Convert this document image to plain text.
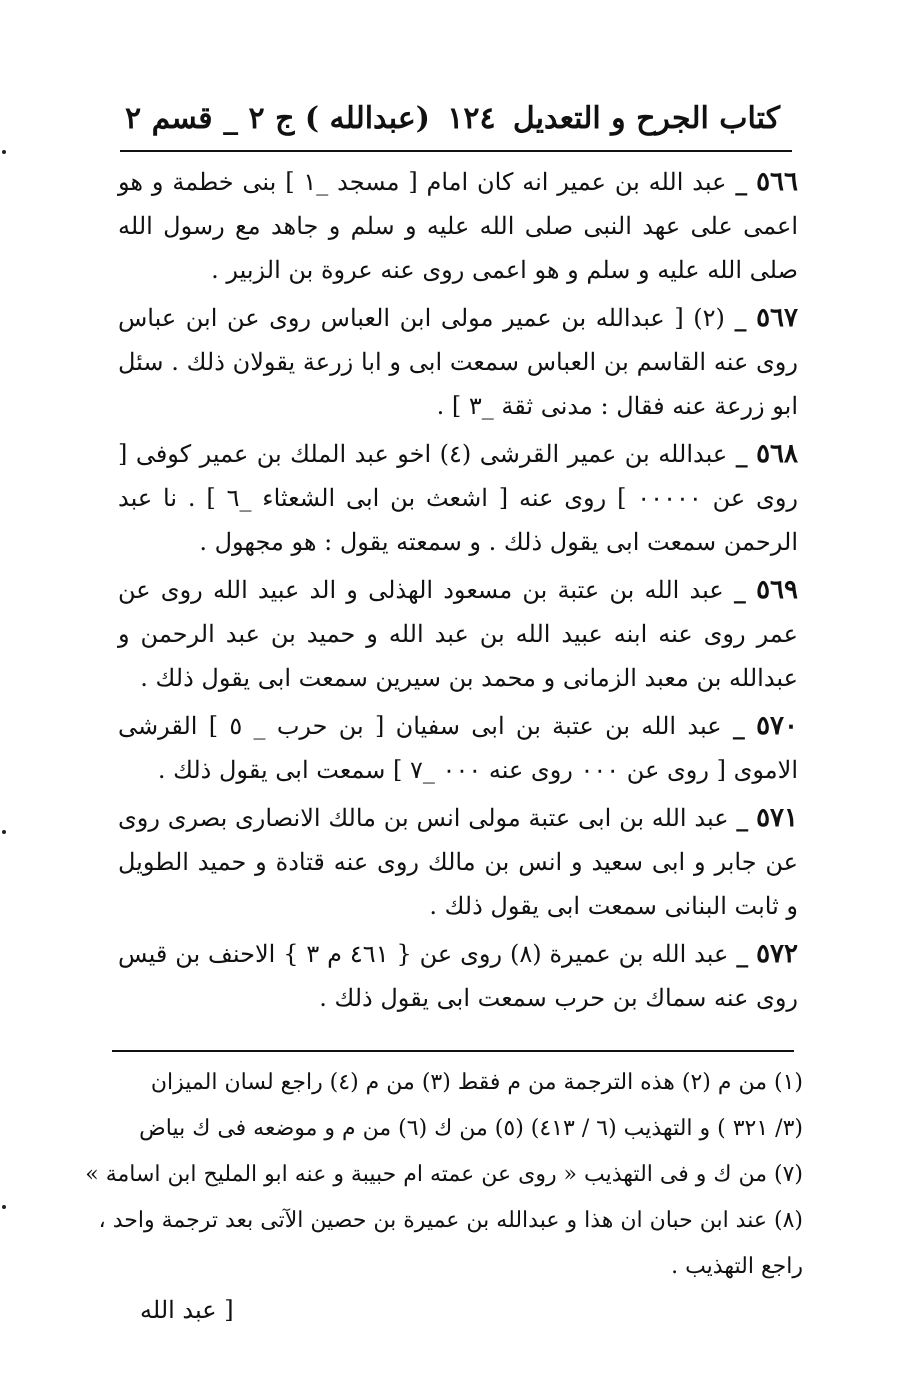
كتاب الجرح و التعديل
١٢٤
(عبدالله ) ج ٢ _ قسم ٢

٥٦٦ _ عبد الله بن عمير انه كان امام [ مسجد _١ ] بنى خطمة و هو اعمى على عهد النبى صلى الله عليه و سلم و جاهد مع رسول الله صلى الله عليه و سلم و هو اعمى روى عنه عروة بن الزبير .

٥٦٧ _ (٢) [ عبدالله بن عمير مولى ابن العباس روى عن ابن عباس روى عنه القاسم بن العباس سمعت ابى و ابا زرعة يقولان ذلك . سئل ابو زرعة عنه فقال : مدنى ثقة _٣ ] .

٥٦٨ _ عبدالله بن عمير القرشى (٤) اخو عبد الملك بن عمير كوفى [ روى عن ٠٠٠٠٠ ] روى عنه [ اشعث بن ابى الشعثاء _٦ ] . نا عبد الرحمن سمعت ابى يقول ذلك . و سمعته يقول : هو مجهول .

٥٦٩ _ عبد الله بن عتبة بن مسعود الهذلى و الد عبيد الله روى عن عمر روى عنه ابنه عبيد الله بن عبد الله و حميد بن عبد الرحمن و عبدالله بن معبد الزمانى و محمد بن سيرين سمعت ابى يقول ذلك .

٥٧٠ _ عبد الله بن عتبة بن ابى سفيان [ بن حرب _ ٥ ] القرشى الاموى [ روى عن ٠٠٠ روى عنه ٠٠٠ _٧ ] سمعت ابى يقول ذلك .

٥٧١ _ عبد الله بن ابى عتبة مولى انس بن مالك الانصارى بصرى روى عن جابر و ابى سعيد و انس بن مالك روى عنه قتادة و حميد الطويل و ثابت البنانى سمعت ابى يقول ذلك .

٥٧٢ _ عبد الله بن عميرة (٨) روى عن { ٤٦١ م ٣ } الاحنف بن قيس روى عنه سماك بن حرب سمعت ابى يقول ذلك .

(١) من م (٢) هذه الترجمة من م فقط (٣) من م (٤) راجع لسان الميزان
(٣/ ٣٢١ ) و التهذيب (٦ / ٤١٣) (٥) من ك (٦) من م و موضعه فى ك بياض
(٧) من ك و فى التهذيب « روى عن عمته ام حبيبة و عنه ابو المليح ابن اسامة »
(٨) عند ابن حبان ان هذا و عبدالله بن عميرة بن حصين الآتى بعد ترجمة واحد ،
راجع التهذيب .
[ عبد الله
